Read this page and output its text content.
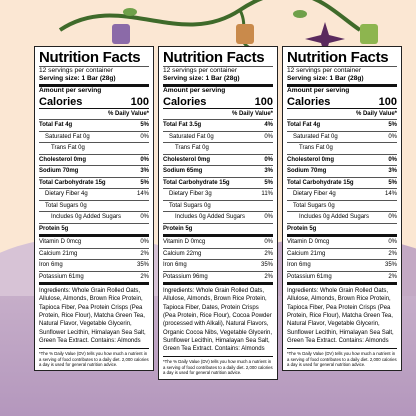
Nutrition Facts
12 servings per container
Serving size: 1 Bar (28g)
Amount per serving
Calories	100
% Daily Value*
Total Fat 4g	5%
Saturated Fat 0g	0%
Trans Fat 0g
Cholesterol 0mg	0%
Sodium 70mg	3%
Total Carbohydrate 15g	5%
Dietary Fiber 4g	14%
Total Sugars 0g
Includes 0g Added Sugars	0%
Protein 5g
Vitamin D 0mcg	0%
Calcium 21mg	2%
Iron 6mg	35%
Potassium 61mg	2%
Ingredients: Whole Grain Rolled Oats, Allulose, Almonds, Brown Rice Protein, Tapioca Fiber, Pea Protein Crisps (Pea Protein, Rice Flour), Matcha Green Tea, Natural Flavor, Vegetable Glycerin, Sunflower Lecithin, Himalayan Sea Salt, Green Tea Extract. Contains: Almonds
*The % Daily Value (DV) tells you how much a nutrient in a serving of food contributes to a daily diet. 2,000 calories a day is used for general nutrition advice.
Nutrition Facts
12 servings per container
Serving size: 1 Bar (28g)
Amount per serving
Calories	100
% Daily Value*
Total Fat 3.5g	4%
Saturated Fat 0g	0%
Trans Fat 0g
Cholesterol 0mg	0%
Sodium 65mg	3%
Total Carbohydrate 15g	5%
Dietary Fiber 3g	11%
Total Sugars 0g
Includes 0g Added Sugars	0%
Protein 5g
Vitamin D 0mcg	0%
Calcium 22mg	2%
Iron 6mg	35%
Potassium 96mg	2%
Ingredients: Whole Grain Rolled Oats, Allulose, Almonds, Brown Rice Protein, Tapioca Fiber, Dates, Protein Crisps (Pea Protein, Rice Flour), Cocoa Powder (processed with Alkali), Natural Flavors, Organic Cocoa Nibs, Vegetable Glycerin, Sunflower Lecithin, Himalayan Sea Salt, Green Tea Extract. Contains: Almonds
*The % Daily Value (DV) tells you how much a nutrient in a serving of food contributes to a daily diet. 2,000 calories a day is used for general nutrition advice.
Nutrition Facts
12 servings per container
Serving size: 1 Bar (28g)
Amount per serving
Calories	100
% Daily Value*
Total Fat 4g	5%
Saturated Fat 0g	0%
Trans Fat 0g
Cholesterol 0mg	0%
Sodium 70mg	3%
Total Carbohydrate 15g	5%
Dietary Fiber 4g	14%
Total Sugars 0g
Includes 0g Added Sugars	0%
Protein 5g
Vitamin D 0mcg	0%
Calcium 21mg	2%
Iron 6mg	35%
Potassium 61mg	2%
Ingredients: Whole Grain Rolled Oats, Allulose, Almonds, Brown Rice Protein, Tapioca Fiber, Pea Protein Crisps (Pea Protein, Rice Flour), Matcha Green Tea, Natural Flavor, Vegetable Glycerin, Sunflower Lecithin, Himalayan Sea Salt, Green Tea Extract. Contains: Almonds
*The % Daily Value (DV) tells you how much a nutrient in a serving of food contributes to a daily diet. 2,000 calories a day is used for general nutrition advice.
